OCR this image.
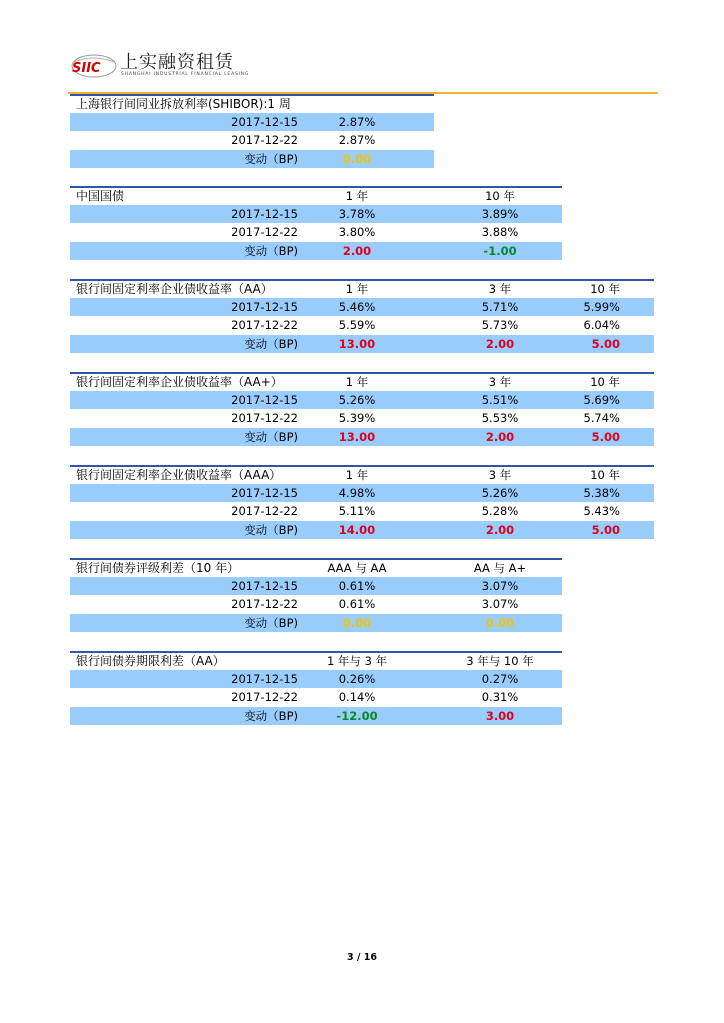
SIIC 上实融资租赁
SHANGHAI INDUSTRIAL FINANCIAL LEASING
上海银行间同业拆放利率(SHIBOR):1 周
2017-12-15	2.87%
2017-12-22	2.87%
变动（BP)	0.00
中国国债	1 年	10 年
2017-12-15	3.78%	3.89%
2017-12-22	3.80%	3.88%
变动（BP)	2.00	-1.00
银行间固定利率企业债收益率（AA）	1 年	3 年	10 年
2017-12-15	5.46%	5.71%	5.99%
2017-12-22	5.59%	5.73%	6.04%
变动（BP)	13.00	2.00	5.00
银行间固定利率企业债收益率（AA+）	1 年	3 年	10 年
2017-12-15	5.26%	5.51%	5.69%
2017-12-22	5.39%	5.53%	5.74%
变动（BP)	13.00	2.00	5.00
银行间固定利率企业债收益率（AAA）	1 年	3 年	10 年
2017-12-15	4.98%	5.26%	5.38%
2017-12-22	5.11%	5.28%	5.43%
变动（BP)	14.00	2.00	5.00
银行间债券评级利差（10 年）	AAA 与 AA	AA 与 A+
2017-12-15	0.61%	3.07%
2017-12-22	0.61%	3.07%
变动（BP)	0.00	0.00
银行间债券期限利差（AA）	1 年与 3 年	3 年与 10 年
2017-12-15	0.26%	0.27%
2017-12-22	0.14%	0.31%
变动（BP)	-12.00	3.00
3 / 16
